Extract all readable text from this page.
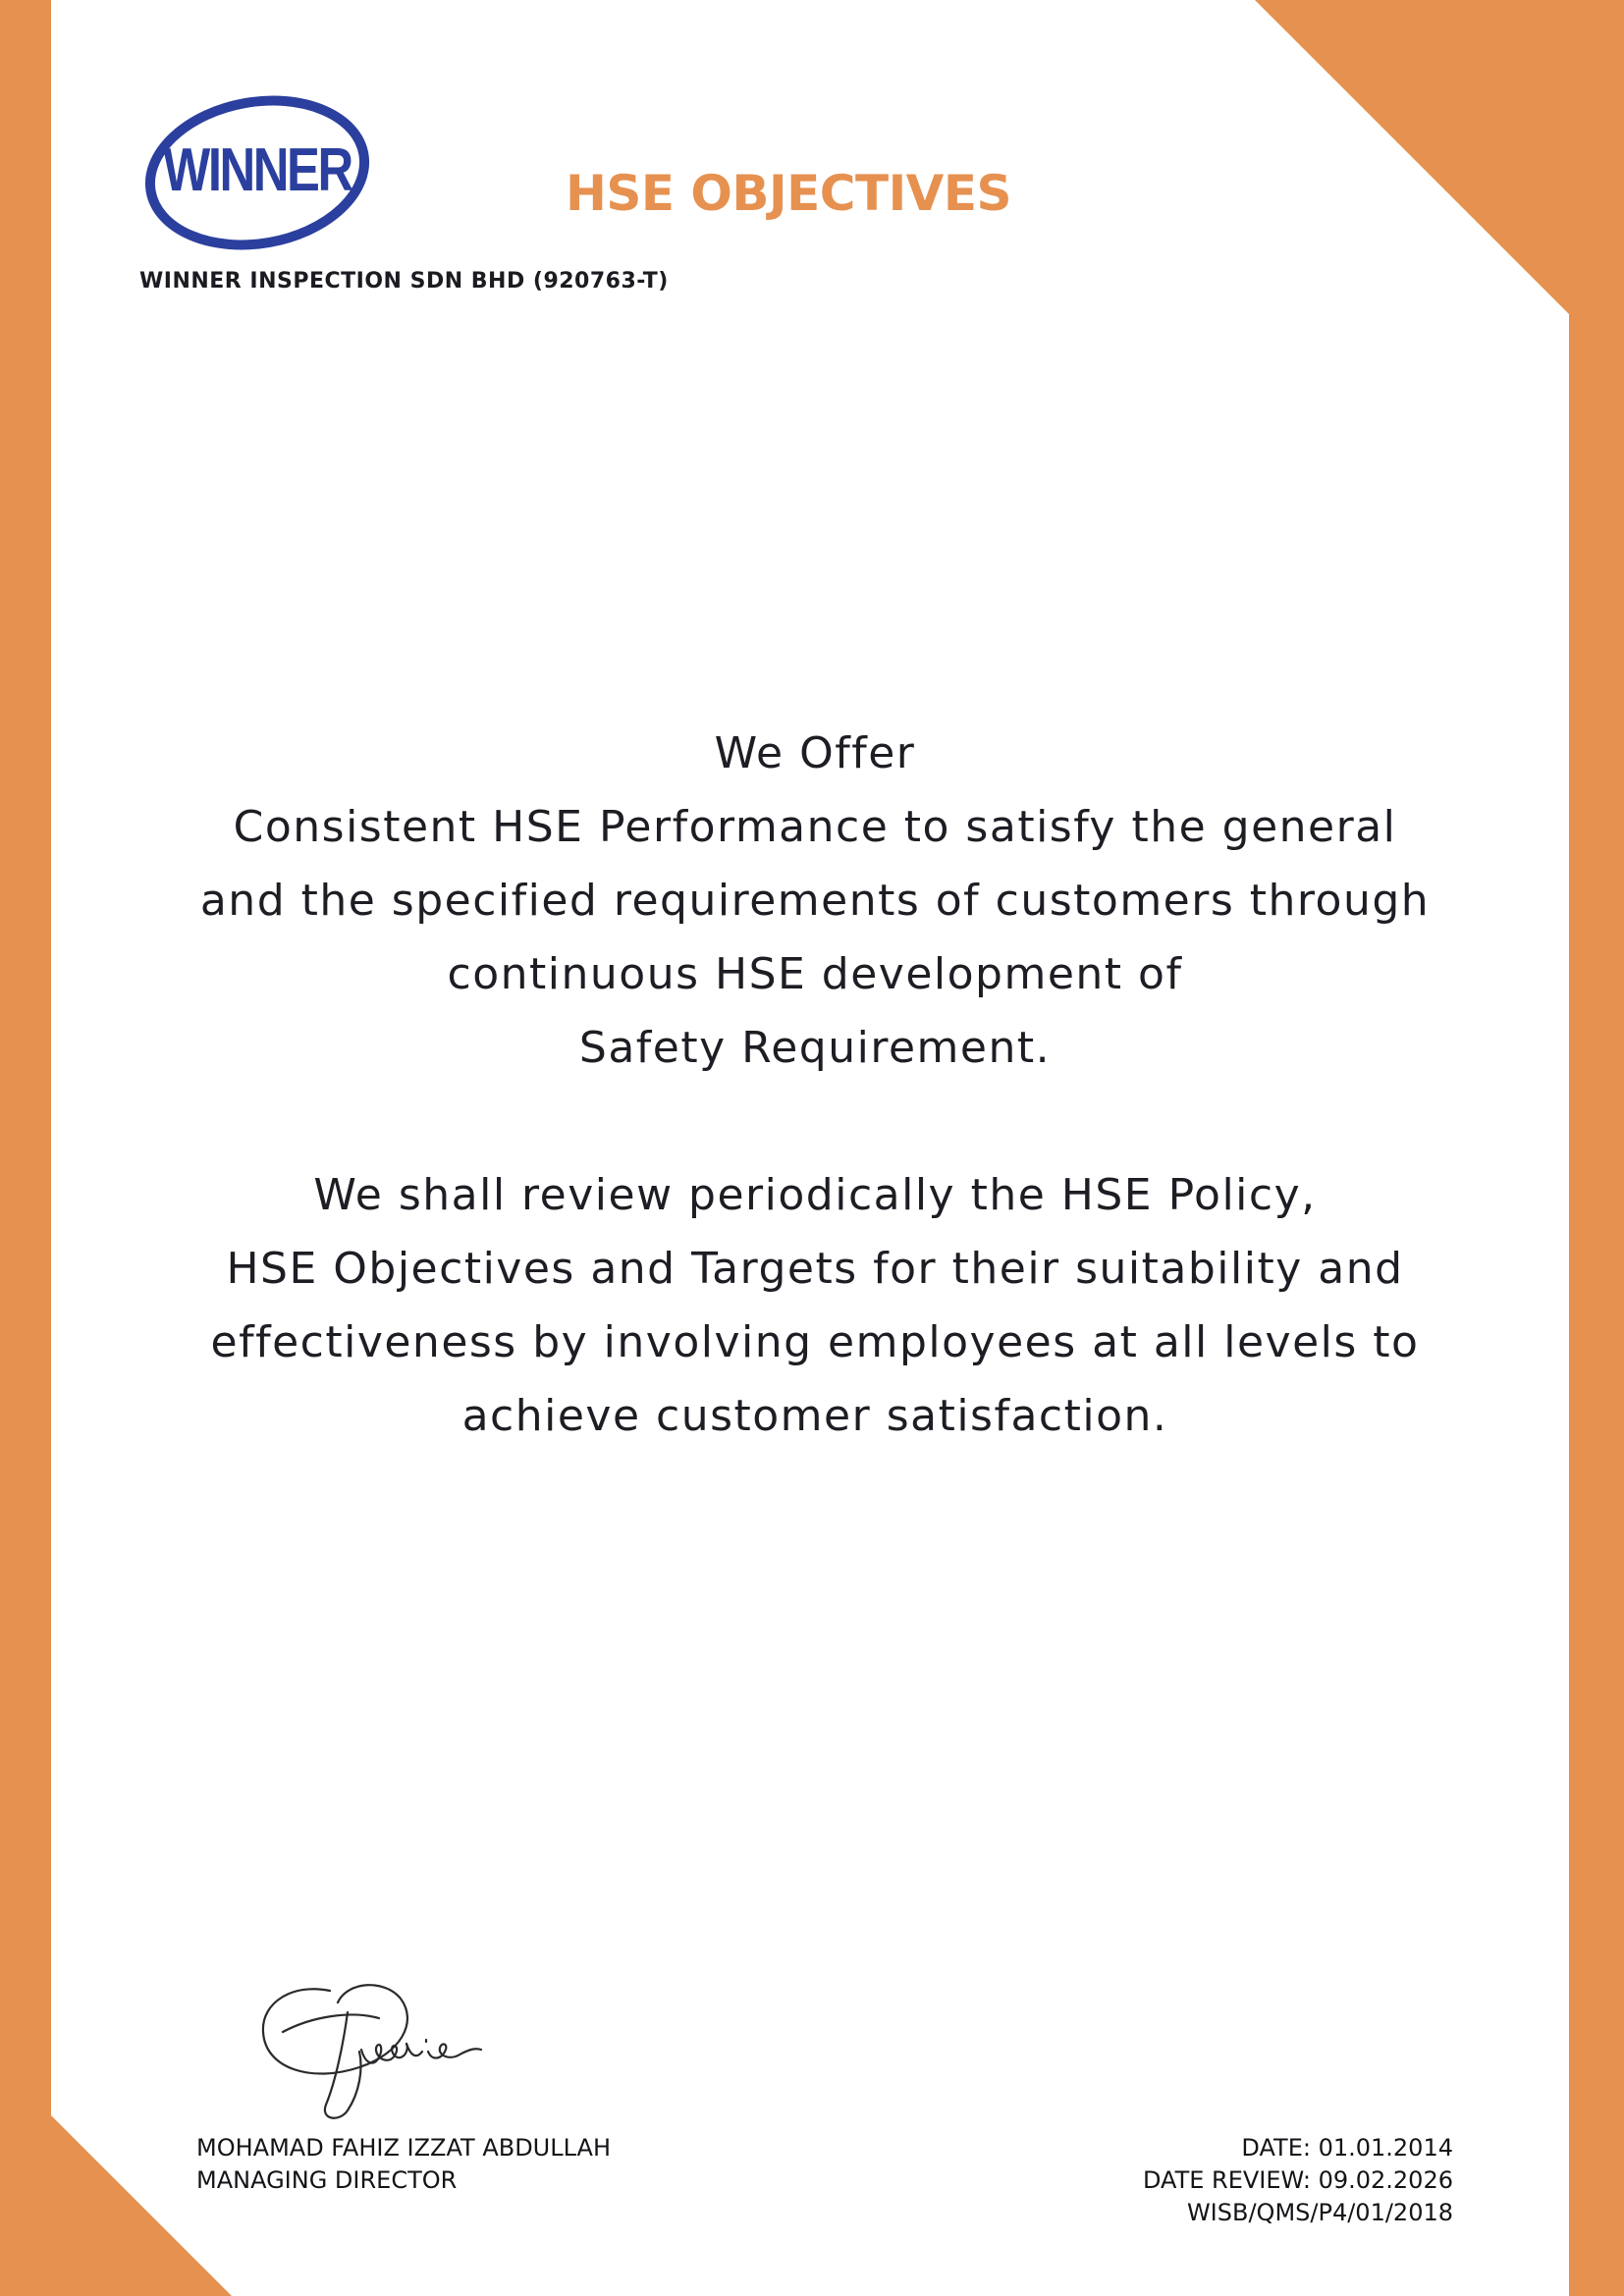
WINNER
WINNER INSPECTION SDN BHD (920763-T)
HSE OBJECTIVES
We Offer
Consistent HSE Performance to satisfy the general
and the specified requirements of customers through
continuous HSE development of
Safety Requirement.
We shall review periodically the HSE Policy,
HSE Objectives and Targets for their suitability and
effectiveness by involving employees at all levels to
achieve customer satisfaction.
MOHAMAD FAHIZ IZZAT ABDULLAH
MANAGING DIRECTOR
DATE: 01.01.2014
DATE REVIEW: 09.02.2026
WISB/QMS/P4/01/2018
